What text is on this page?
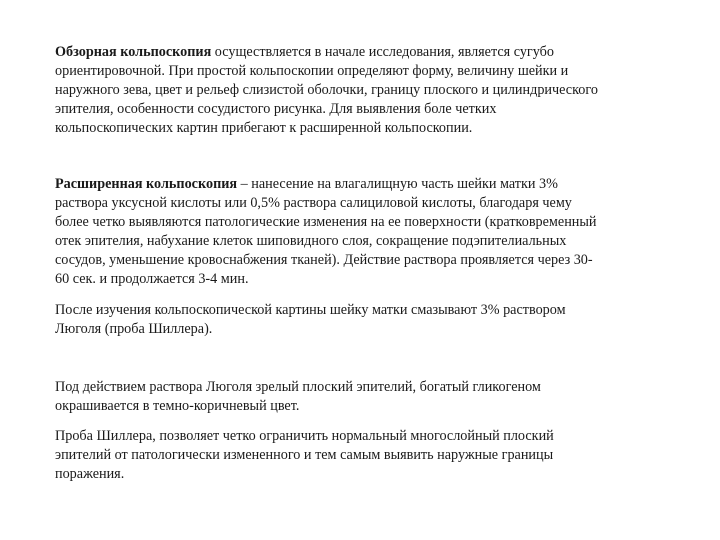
Обзорная кольпоскопия осуществляется в начале исследования, является сугубо
ориентировочной. При простой кольпоскопии определяют форму, величину шейки и
наружного зева, цвет и рельеф слизистой оболочки, границу плоского и цилиндрического
эпителия, особенности сосудистого рисунка. Для выявления боле четких
кольпоскопических картин прибегают к расширенной кольпоскопии.

Расширенная кольпоскопия – нанесение на влагалищную часть шейки матки 3%
раствора уксусной кислоты или 0,5% раствора салициловой кислоты, благодаря чему
более четко выявляются патологические изменения на ее поверхности (кратковременный
отек эпителия, набухание клеток шиповидного слоя, сокращение подэпителиальных
сосудов, уменьшение кровоснабжения тканей). Действие раствора проявляется через 30-
60 сек. и продолжается 3-4 мин.

После изучения кольпоскопической картины шейку матки смазывают 3% раствором
Люголя (проба Шиллера).

Под действием раствора Люголя зрелый плоский эпителий, богатый гликогеном
окрашивается в темно-коричневый цвет.

Проба Шиллера, позволяет четко ограничить нормальный многослойный плоский
эпителий от патологически измененного и тем самым выявить наружные границы
поражения.
